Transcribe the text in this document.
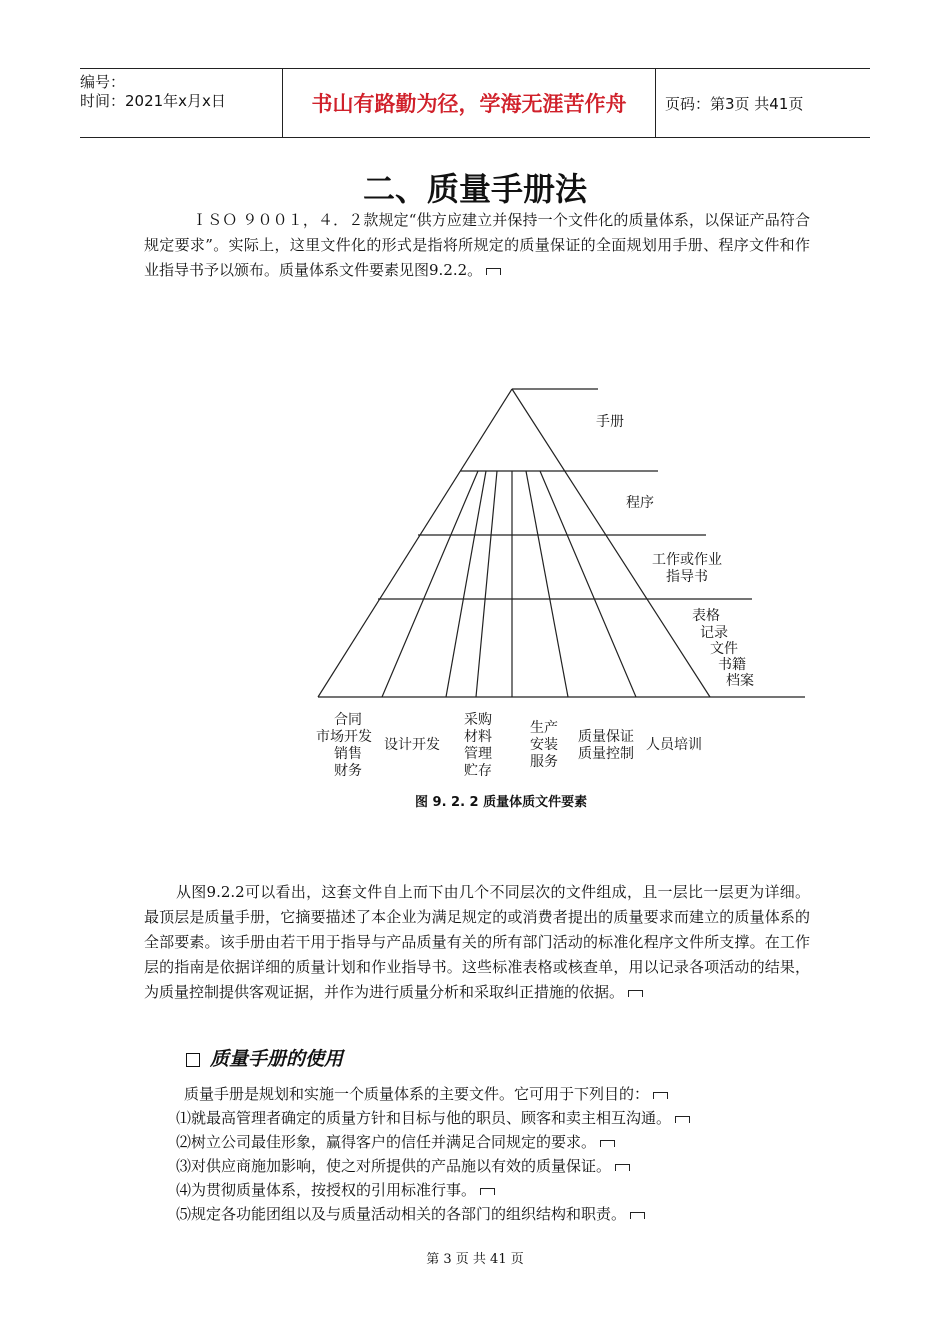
编号：
时间：2021年x月x日	书山有路勤为径，学海无涯苦作舟	页码：第3页 共41页
二、质量手册法
ＩＳＯ ９００１，４．２款规定“供方应建立并保持一个文件化的质量体系，以保证产品符合规定要求”。实际上，这里文件化的形式是指将所规定的质量保证的全面规划用手册、程序文件和作业指导书予以颁布。质量体系文件要素见图9.2.2。
手册
程序
工作或作业
指导书
表格
记录
文件
书籍
档案
合同
市场开发
销售
财务
设计开发
采购
材料
管理
贮存
生产
安装
服务
质量保证
质量控制
人员培训
图 9. 2. 2 质量体质文件要素
从图9.2.2可以看出，这套文件自上而下由几个不同层次的文件组成，且一层比一层更为详细。最顶层是质量手册，它摘要描述了本企业为满足规定的或消费者提出的质量要求而建立的质量体系的全部要素。该手册由若干用于指导与产品质量有关的所有部门活动的标准化程序文件所支撑。在工作层的指南是依据详细的质量计划和作业指导书。这些标准表格或核查单，用以记录各项活动的结果，为质量控制提供客观证据，并作为进行质量分析和采取纠正措施的依据。
质量手册的使用
质量手册是规划和实施一个质量体系的主要文件。它可用于下列目的：
⑴就最高管理者确定的质量方针和目标与他的职员、顾客和卖主相互沟通。
⑵树立公司最佳形象，赢得客户的信任并满足合同规定的要求。
⑶对供应商施加影响，使之对所提供的产品施以有效的质量保证。
⑷为贯彻质量体系，按授权的引用标准行事。
⑸规定各功能团组以及与质量活动相关的各部门的组织结构和职责。
第 3 页 共 41 页
